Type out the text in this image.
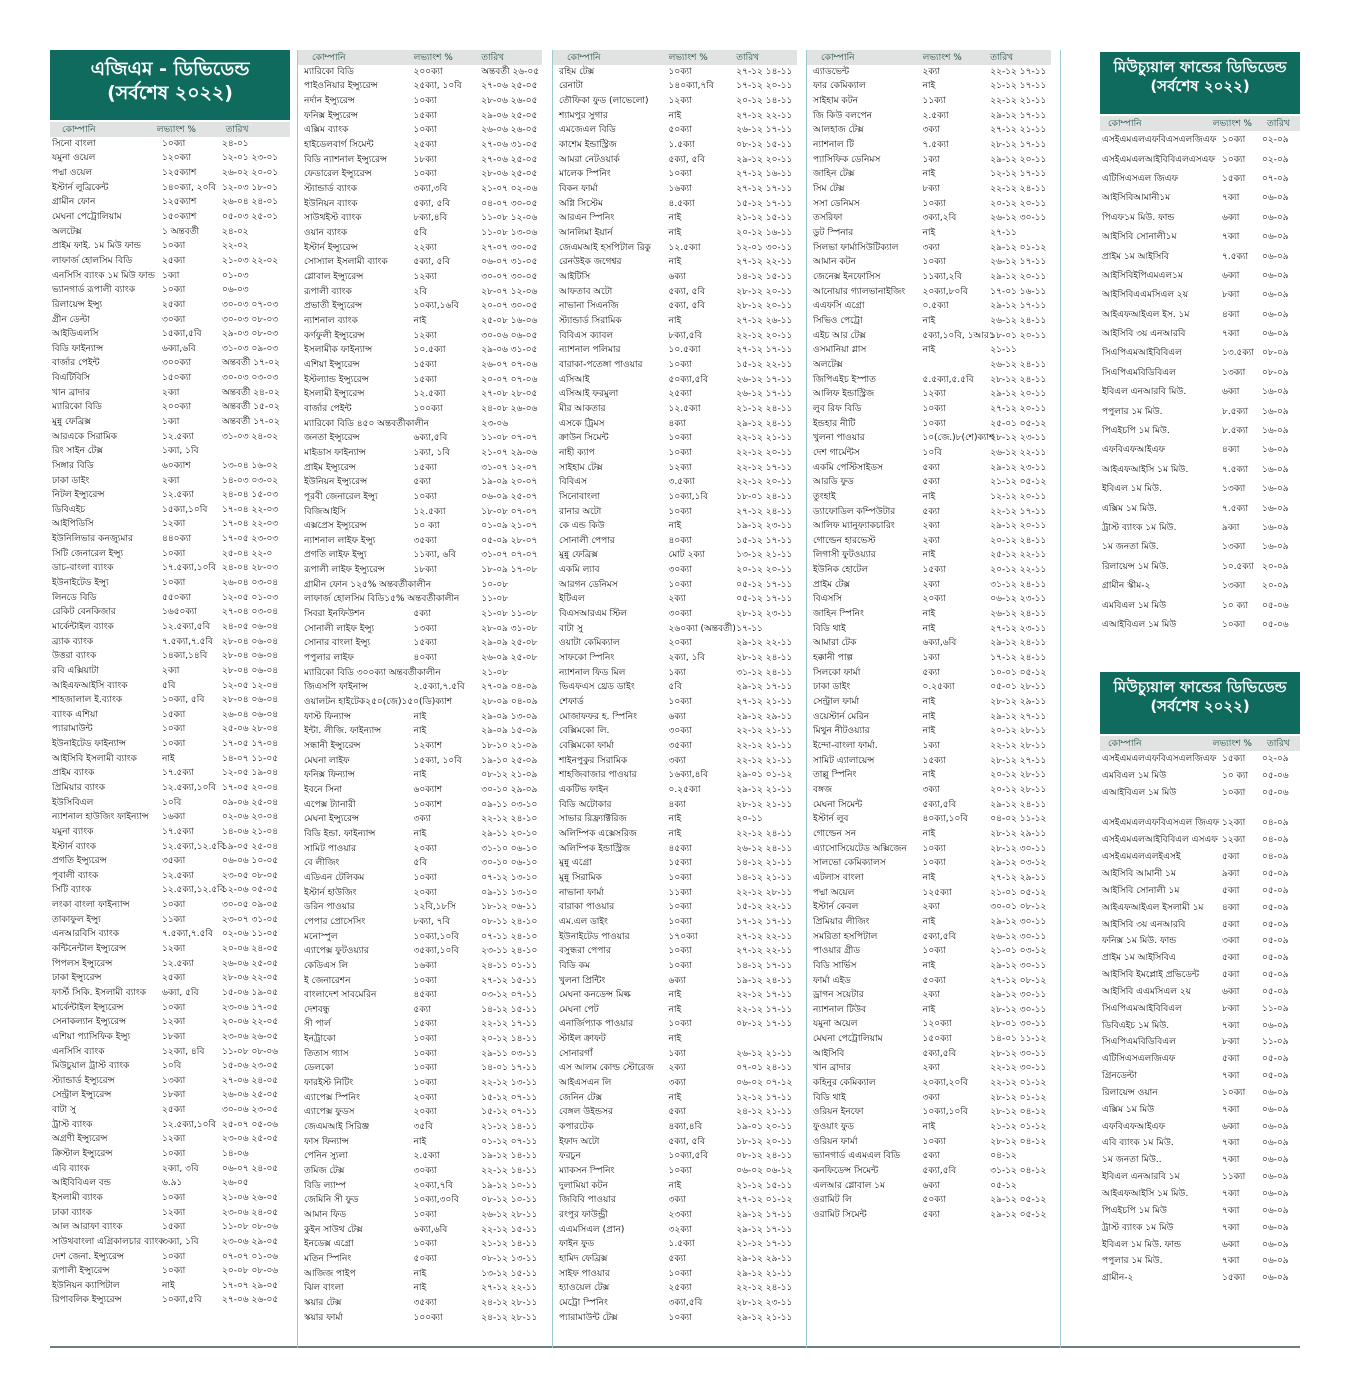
এজিএম - ডিভিডেন্ড
(সর্বশেষ ২০২২)
কোম্পানি	লভ্যাংশ %	তারিখ
সিনো বাংলা	১০ক্যা	২৪-০১
যমুনা ওয়েল	১২০ক্যা	১২-০১ ২৩-০১
পদ্মা ওয়েল	১২৫ক্যাশ	২৬-০২ ২০-০১
ইস্টার্ন লুব্রিকেন্ট	১৪০ক্যা, ২০বি ১২-০৩ ১৮-০১
গ্রামীন ফোন	১২৫ক্যাশ	২৬-০৪ ২৪-০১
মেঘনা পেট্রোলিয়াম	১৫০ক্যাশ	০৫-০৩ ২৫-০১
অলটেক্স	১ অন্তবর্তী	২৪-০২
প্রাইম ফাই. ১ম মিউ ফান্ড	১০ক্যা	২২-০২
লাফার্জ হোলসিম বিডি	২৫ক্যা	২১-০৩ ২২-০২
এনসিসি ব্যাংক ১ম মিউ ফান্ড ১ক্যা	০১-০৩
ভ্যানগার্ড রূপালী ব্যাংক	১০ক্যা	০৬-০৩
রিলায়েন্স ইন্স্যু	২৫ক্যা	৩০-০৩ ০৭-০৩
গ্রীন ডেল্টা	৩০ক্যা	৩০-০৩ ০৮-০৩
আইডিএলসি	১৫ক্যা,৫বি	২৯-০৩ ০৮-০৩
বিডি ফাইন্যান্স	৬ক্যা,৬বি	৩১-০৩ ০৯-০৩
বার্জার পেইন্ট	৩০০ক্যা	অন্তবর্তী ১৭-০২
বিএটিবিসি	১৫০ক্যা	৩০-০৩ ০৩-০৩
খান ব্রাদার	২ক্যা	অন্তবর্তী ২৪-০২
ম্যারিকো বিডি	২০০ক্যা	অন্তবর্তী ১৫-০২
মুন্নু ফেব্রিক্স	১ক্যা	অন্তবর্তী ১৭-০২
আরএকে সিরামিক	১২.৫ক্যা	৩১-০৩ ২৪-০২
রিং সাইন টেক্স	১ক্যা, ১বি
সিঙ্গার বিডি	৬০ক্যাশ	১৩-০৪ ১৬-০২
ঢাকা ডাইং	২ক্যা	১৪-০৩ ০৩-০২
নিটল ইন্স্যুরেন্স	১২.৫ক্যা	২৪-০৪ ১৫-০৩
ডিবিএইচ	১৫ক্যা,১০বি	১৭-০৪ ২২-০৩
আইপিডিসি	১২ক্যা	১৭-০৪ ২২-০৩
ইউনিলিভার কনজ্যুমার	৪৪০ক্যা	১৭-০৫ ২৩-০৩
সিটি জেনারেল ইন্স্যু	১০ক্যা	২৫-০৪ ২২-০
ডাচ-বাংলা ব্যাংক	১৭.৫ক্যা,১০বি ২৪-০৪ ২৮-০৩
ইউনাইটেড ইন্স্যু	১০ক্যা	২৬-০৪ ০৩-০৪
লিনডে বিডি	৫৫০ক্যা	১২-০৫ ০১-০৩
রেকিট বেনকিজার	১৬৫০ক্যা	২৭-০৪ ০৩-০৪
মার্কেন্টাইল ব্যাংক	১২.৫ক্যা,৫বি	২৪-০৫ ০৬-০৪
ব্র্যাক ব্যাংক	৭.৫ক্যা,৭.৫বি ২৮-০৪ ০৬-০৪
উত্তরা ব্যাংক	১৪ক্যা,১৪বি	২৮-০৪ ০৬-০৪
রবি এক্সিয়াটা	২ক্যা	২৮-০৪ ০৬-০৪
আইএফআইসি ব্যাংক	৫বি	১২-০৫ ১২-০৪
শাহজালাল ই.ব্যাংক	১০ক্যা, ৫বি	২৮-০৪ ০৬-০৪
ব্যাংক এশিয়া	১৫ক্যা	২৬-০৪ ০৬-০৪
প্যারামাউন্ট	১০ক্যা	২৫-০৬ ২৮-০৪
ইউনাইটেড ফাইন্যান্স	১০ক্যা	১৭-০৫ ১৭-০৪
আইসিবি ইসলামী ব্যাংক	নাই	১৪-০৭ ১১-০৫
প্রাইম ব্যাংক	১৭.৫ক্যা	১২-০৫ ১৯-০৪
প্রিমিয়ার ব্যাংক	১২.৫ক্যা,১০বি ১৭-০৫ ২০-০৪
ইউসিবিএল	১০বি	০৯-০৬ ২৫-০৪
ন্যাশনাল হাউজিং ফাইন্যান্স	১৬ক্যা	০২-০৬ ২০-০৪
যমুনা ব্যাংক	১৭.৫ক্যা	১৪-০৬ ২১-০৪
ইস্টার্ন ব্যাংক	১২.৫ক্যা,১২.৫বি
১৯-০৫ ২৫-০৪
প্রগতি ইন্স্যুরেন্স	৩৫ক্যা	০৬-০৬ ১০-০৫
পূবালী ব্যাংক	১২.৫ক্যা	২৩-০৫ ০৮-০৫
সিটি ব্যাংক	১২.৫ক্যা,১২.৫বি
১২-০৬ ০৫-০৫
লংকা বাংলা ফাইন্যান্স	১০ক্যা	৩০-০৫ ০৯-০৫
তাকাফুল ইন্স্যু	১১ক্যা	২৩-০৭ ৩১-০৫
এনআরবিসি ব্যাংক	৭.৫ক্যা,৭.৫বি ০২-০৬ ১১-০৫
কন্টিনেন্টাল ইন্স্যুরেন্স	১২ক্যা	২০-০৬ ২৪-০৫
পিপলস ইন্স্যুরেন্স	১২.৫ক্যা	২৬-০৬ ২৫-০৫
ঢাকা ইন্স্যুরেন্স	২৫ক্যা	২৮-০৬ ২২-০৫
ফার্স্ট সিকি. ইসলামী ব্যাংক	৬ক্যা, ৫বি	১৫-০৬ ১৯-০৫
মার্কেন্টাইল ইন্স্যুরেন্স	১০ক্যা	২৩-০৬ ১৭-০৫
সেনাকল্যান ইন্স্যুরেন্স	১২ক্যা	২০-০৬ ২২-০৫
এশিয়া প্যাসিফিক ইন্স্যু	১৮ক্যা	২৩-০৬ ২৬-০৫
এনসিসি ব্যাংক	১২ক্যা, ৪বি	১১-০৮ ০৮-০৬
মিউচুয়াল ট্রাস্ট ব্যাংক	১০বি	১৫-০৬ ২৩-০৫
স্ট্যান্ডার্ড ইন্স্যুরেন্স	১৩ক্যা	২৭-০৬ ২৪-০৫
সেন্ট্রাল ইন্স্যুরেন্স	১৮ক্যা	২৬-০৬ ২৫-০৫
বাটা সু	২৫ক্যা	৩০-০৬ ২৩-০৫
ট্রাস্ট ব্যাংক	১২.৫ক্যা,১০বি ২৫-০৭ ০৫-০৬
অগ্রণী ইন্স্যুরেন্স	১২ক্যা	২৩-০৬ ২৫-০৫
ক্রিস্টাল ইন্স্যুরেন্স	১০ক্যা	১৪-০৬
এবি ব্যাংক	২ক্যা, ৩বি	০৬-০৭ ২৪-০৫
আইবিবিএল বন্ড	৬.৯১	২৬-০৫
ইসলামী ব্যাংক	১০ক্যা	২১-০৬ ২৬-০৫
ঢাকা ব্যাংক	১২ক্যা	২৩-০৬ ২৪-০৫
আল আরাফা ব্যাংক	১৫ক্যা	১১-০৮ ০৮-০৬
সাউথবাংলা এগ্রিকালচার ব্যাংক
৩ক্যা, ১বি	২৩-০৬ ২৯-০৫
দেশ জেনা. ইন্স্যুরেন্স	১০ক্যা	০৭-০৭ ০১-০৬
রূপালী ইন্স্যুরেন্স	১০ক্যা	২০-০৮ ০৮-০৬
ইউনিয়ন ক্যাপিটাল	নাই	১৭-০৭ ২৯-০৫
রিপাবলিক ইন্স্যুরেন্স	১০ক্যা,৫বি	২৭-০৬ ২৬-০৫
কোম্পানি	লভ্যাংশ %	তারিখ
ম্যারিকো বিডি	২০০ক্যা	অন্তবর্তী ২৬-০৫
পাইওনিয়ার ইন্স্যুরেন্স	২৫ক্যা, ১০বি	২৭-০৬ ২৫-০৫
নর্দান ইন্স্যুরেন্স	১০ক্যা	২৮-০৬ ২৬-০৫
ফনিক্স ইন্স্যুরেন্স	১৫ক্যা	২৯-০৬ ২৫-০৫
এক্সিম ব্যাংক	১০ক্যা	২৬-০৬ ২৬-০৫
হাইডেলবার্গ সিমেন্ট	২৫ক্যা	২৭-০৬ ৩১-০৫
বিডি ন্যাশনাল ইন্স্যুরেন্স	১৮ক্যা	২৭-০৬ ২৫-০৫
ফেডারেল ইন্স্যুরেন্স	১০ক্যা	২৮-০৬ ২৫-০৫
স্ট্যান্ডার্ড ব্যাংক	৩ক্যা,৩বি	২১-০৭ ০২-০৬
ইউনিয়ন ব্যাংক	৫ক্যা, ৫বি	০৪-০৭ ৩০-০৫
সাউথইস্ট ব্যাংক	৮ক্যা,৪বি	১১-০৮ ১২-০৬
ওয়ান ব্যাংক	৫বি	১১-০৮ ১৩-০৬
ইস্টার্ন ইন্স্যুরেন্স	২২ক্যা	২৭-০৭ ৩০-০৫
সোস্যাল ইসলামী ব্যাংক	৫ক্যা, ৫বি	০৬-০৭ ৩১-০৫
গ্লোবাল ইন্স্যুরেন্স	১২ক্যা	৩০-০৭ ৩০-০৫
রূপালী ব্যাংক	২বি	২৮-০৭ ১২-০৬
প্রভাতী ইন্স্যুরেন্স	১০ক্যা,১৬বি	২০-০৭ ৩০-০৫
ন্যাশনাল ব্যাংক	নাই	২৫-০৮ ১৬-০৬
কর্ণফুলী ইন্স্যুরেন্স	১২ক্যা	৩০-০৬ ০৬-০৫
ইসলামীক ফাইন্যান্স	১০.৫ক্যা	২৯-০৬ ৩১-০৫
এশিয়া ইন্স্যুরেন্স	১৫ক্যা	২৬-০৭ ০৭-০৬
ইস্টল্যান্ড ইন্স্যুরেন্স	১৫ক্যা	২০-০৭ ০৭-০৬
ইসলামী ইন্স্যুরেন্স	১২.৫ক্যা	২৭-০৮ ২৮-০৫
বার্জার পেইন্ট	১০০ক্যা	২৪-০৮ ২৬-০৬
ম্যারিকো বিডি ৪৫০ অন্তবর্তীকালীন	২৩-০৬
জনতা ইন্স্যুরেন্স	৬ক্যা,৫বি	১১-০৮ ০৭-০৭
মাইডাস ফাইন্যান্স	১ক্যা, ১বি	২১-০৭ ২৯-০৬
প্রাইম ইন্স্যুরেন্স	১৫ক্যা	৩১-০৭ ১২-০৭
ইউনিয়ন ইন্স্যুরেন্স	৫ক্যা	১৯-০৯ ২০-০৭
পূরবী জেনারেল ইন্স্যু	১০ক্যা	০৬-০৯ ২৫-০৭
বিজিআইসি	১২.৫ক্যা	১৮-০৮ ০৭-০৭
এক্সপ্রেস ইন্স্যুরেন্স	১০ ক্যা	০১-০৯ ২১-০৭
ন্যাশনাল লাইফ ইন্স্যু	৩৫ক্যা	০৫-০৯ ২৮-০৭
প্রগতি লাইফ ইন্স্যু	১১ক্যা, ৬বি	৩১-০৭ ০৭-০৭
রূপালী লাইফ ইন্স্যুরেন্স	১৮ক্যা	১৮-০৯ ১৭-০৮
গ্রামীন ফোন ১২৫% অন্তবর্তীকালীন	১০-০৮
লাফার্জ হোলসিম বিডি১৫% অন্তবর্তীকালীন ১১-০৮
সিবরা ইনফিউশন	৫ক্যা	২১-০৮ ১১-০৮
সোনালী লাইফ ইন্স্যু	১৩ক্যা	২৮-০৯ ৩১-০৮
সোনার বাংলা ইন্স্যু	১৫ক্যা	২৯-০৯ ২৫-০৮
পপুলার লাইফ	৪০ক্যা	২৬-০৯ ২৫-০৮
ম্যারিকো বিডি ৩০০ক্যা অন্তবর্তীকালীন	২১-০৮
জিএসপি ফাইনান্স	২.৫ক্যা,৭.৫বি	২৭-০৯ ০৪-০৯
ওয়ালটন হাইটেক২৫০(জে)১৫০(ডি)ক্যাশ	২৮-০৯ ০৪-০৯
ফাস্ট ফিন্যান্স	নাই	২৯-০৯ ১৩-০৯
ইন্টা. লীজি. ফাইন্যান্স	নাই	২৯-০৯ ১৫-০৯
সন্ধানী ইন্স্যুরেন্স	১২ক্যাশ	১৮-১০ ২১-০৯
মেঘনা লাইফ	১৫ক্যা, ১০বি	১৯-১০ ২৫-০৯
ফনিক্স ফিন্যান্স	নাই	০৮-১২ ২১-০৯
ইবনে সিনা	৬০ক্যাশ	৩০-১০ ২৯-০৯
এপেক্স ট্যানারী	১০ক্যাশ	০৯-১১ ০৩-১০
মেঘনা ইন্স্যুরেন্স	৩ক্যা	২২-১২ ২৪-১০
বিডি ইন্ডা. ফাইন্যান্স	নাই	২৯-১১ ২০-১০
সামিট পাওয়ার	২০ক্যা	৩১-১০ ০৬-১০
বে লীজিং	৫বি	৩০-১০ ০৬-১০
এডিএন টেলিকম	১০ক্যা	০৭-১২ ১৩-১০
ইস্টার্ন হাউজিং	২০ক্যা	০৯-১১ ১৩-১০
ডরিন পাওয়ার	১২বি,১৮সি	১৮-১২ ০৬-১১
পেপার প্রোসেসিং	৮ক্যা, ৭বি	০৮-১১ ২৪-১০
মনোস্পুল	১০ক্যা,১০বি	০৭-১১ ২৪-১০
এ্যাপেক্স ফুটওয়্যার	৩৫ক্যা,১০বি	২৩-১১ ২৪-১০
কেডিএস লি	১৬ক্যা	২৪-১১ ০১-১১
ই জেনারেশন	১০ক্যা	২৭-১২ ১৫-১১
বাংলাদেশ সাবমেরিন	৪৫ক্যা	০৩-১২ ০৭-১১
দেশবন্ধু	৫ক্যা	১৪-১২ ১৫-১১
সী পার্ল	১৫ক্যা	২২-১২ ১৭-১১
ইনট্রাকো	১০ক্যা	২০-১২ ১৪-১১
তিতাস গ্যাস	১০ক্যা	২৯-১১ ০৩-১১
ডেলকো	১০ক্যা	১৪-০১ ১৭-১১
ফারইস্ট নিটিং	১০ক্যা	২২-১২ ১৩-১১
এ্যাপেক্স স্পিনিং	২০ক্যা	১৫-১২ ০৭-১১
এ্যাপেক্স ফুডস	২০ক্যা	১৫-১২ ০৭-১১
জেএমআই সিরিঞ্জ	৩৫বি	২১-১২ ১৪-১১
ফাস ফিন্যান্স	নাই	০১-১২ ০৭-১১
পেনিন স্যুলা	২.৫ক্যা	১৯-১২ ১৪-১১
তমিজ টেক্স	৩০ক্যা	২২-১২ ১৪-১১
বিডি ল্যাম্প	২০ক্যা,৭বি	১৯-১২ ১০-১১
জেমিনি সী ফুড	১০ক্যা,৩০বি	০৮-১২ ১০-১১
আমান ফিড	১০ক্যা	২৬-১২ ২৮-১১
কুইন সাউথ টেক্স	৬ক্যা,৬বি	২২-১২ ১৫-১১
ইনডেক্স এগ্রো	১০ক্যা	২১-১২ ১৪-১১
মতিন স্পিনিং	৫০ক্যা	০৮-১২ ১৩-১১
আজিজ পাইপ	নাই	১৩-১২ ১৫-১১
ঝিল বাংলা	নাই	২৭-১২ ২২-১১
স্কয়ার টেক্স	৩৫ক্যা	২৪-১২ ২৮-১১
স্কয়ার ফার্মা	১০০ক্যা	২৪-১২ ২৮-১১
কোম্পানি	লভ্যাংশ %	তারিখ
রহিম টেক্স	১০ক্যা	২৭-১২ ১৪-১১
রেনাটা	১৪০ক্যা,৭বি	১৭-১২ ২০-১১
তৌফিকা ফুড (লাভেলো)	১২ক্যা	২০-১২ ১৪-১১
শ্যামপুর সুগার	নাই	২৭-১২ ২২-১১
এমজেএল বিডি	৫০ক্যা	২৬-১২ ১৭-১১
কাশেম ইন্ডাস্ট্রিজ	১.৫ক্যা	০৮-১২ ১৫-১১
আমরা নেটওয়ার্ক	৫ক্যা, ৫বি	২৯-১২ ২০-১১
মালেক স্পিনিং	১০ক্যা	২৭-১২ ১৬-১১
বিকন ফার্মা	১৬ক্যা	২৭-১২ ১৭-১১
অগ্নি সিস্টেম	৪.৫ক্যা	১৫-১২ ১৭-১১
আরএন স্পিনিং	নাই	২১-১২ ১৫-১১
আনলিমা ইয়ার্ন	নাই	২০-১২ ১৬-১১
জেএমআই হসপিটাল রিকু	১২.৫ক্যা	১২-০১ ৩০-১১
রেনউইক জগেশ্বর	নাই	২৭-১২ ২২-১১
আইটিসি	৬ক্যা	১৪-১২ ১৫-১১
আফতাব অটো	৫ক্যা, ৫বি	২৮-১২ ২০-১১
নাভানা সিএনজি	৫ক্যা, ৫বি	২৮-১২ ২০-১১
স্ট্যান্ডার্ড সিরামিক	নাই	২৭-১২ ২৬-১১
বিবিএস ক্যাবল	৮ক্যা,৫বি	২২-১২ ২০-১১
ন্যাশনাল পলিমার	১০.৫ক্যা	২৭-১২ ১৭-১১
বারাকা-পতেঙ্গা পাওয়ার	১০ক্যা	১৫-১২ ২২-১১
এসিআই	৫০ক্যা,৫বি	২৬-১২ ১৭-১১
এসিআই ফরমুলা	২৫ক্যা	২৬-১২ ১৭-১১
মীর আকতার	১২.৫ক্যা	২১-১২ ২৪-১১
এসকে ট্রিমস	৪ক্যা	২৯-১২ ২৪-১১
ক্রাউন সিমেন্ট	১০ক্যা	২২-১২ ২১-১১
নাহী ক্যাপ	১০ক্যা	২২-১২ ২০-১১
সাইহাম টেক্স	১২ক্যা	২২-১২ ১৭-১১
বিবিএস	৩.৫ক্যা	২২-১২ ২০-১১
সিনোবাংলা	১০ক্যা,১বি	১৮-০১ ২৪-১১
রানার অটো	১০ক্যা	২৭-১২ ২৪-১১
কে এন্ড কিউ	নাই	১৯-১২ ২৩-১১
সোনালী পেপার	৪০ক্যা	১৫-১২ ১৭-১১
মুন্নু ফেব্রিক্স	মোট ২ক্যা	১৩-১২ ২১-১১
একমি ল্যাব	৩০ক্যা	২০-১২ ২০-১১
আরগন ডেনিমস	১০ক্যা	০৫-১২ ১৭-১১
ইটিএল	২ক্যা	০৫-১২ ১৭-১১
বিএসআরএম স্টিল	৩০ক্যা	২৮-১২ ২৩-১১
বাটা সু	২৬০ক্যা (অন্তবর্তী) ১৭-১১
ওয়াটা কেমিক্যাল	২০ক্যা	২৯-১২ ২২-১১
সাফকো স্পিনিং	২ক্যা, ১বি	২৮-১২ ২৪-১১
ন্যাশনাল ফিড মিল	১ক্যা	৩১-১২ ২৪-১১
ভিএফএস থ্রেড ডাইং	৫বি	২৯-১২ ১৭-১১
শেফার্ড	১০ক্যা	২৭-১২ ২১-১১
মোজাফফর হ. স্পিনিং	৬ক্যা	২৯-১২ ২৯-১১
বেক্সিমকো লি.	৩০ক্যা	২২-১২ ২১-১১
বেক্সিমকো ফার্মা	৩৫ক্যা	২২-১২ ২১-১১
শাইনপুকুর সিরামিক	৩ক্যা	২২-১২ ২১-১১
শাহজিবাজার পাওয়ার	১৬ক্যা,৪বি	২৯-০১ ০১-১২
একটিভ ফাইন	০.২৫ক্যা	২৯-১২ ২১-১১
বিডি অটোকার	৪ক্যা	২৮-১২ ২১-১১
সাভার রিফ্র্যাক্টরিজ	নাই	২০-১১
অলিম্পিক এক্সেসরিজ	নাই	২২-১২ ২৪-১১
অলিম্পিক ইন্ডাস্ট্রিজ	৪৫ক্যা	২৬-১২ ২৪-১১
মুন্নু এগ্রো	১৫ক্যা	১৪-১২ ২১-১১
মুন্নু সিরামিক	১০ক্যা	১৪-১২ ২১-১১
নাভানা ফার্মা	১১ক্যা	২২-১২ ২৮-১১
বারাকা পাওয়ার	১০ক্যা	১৫-১২ ২২-১১
এম.এল ডাইং	১০ক্যা	১৭-১২ ১৭-১১
ইউনাইটেড পাওয়ার	১৭০ক্যা	২৭-১২ ২২-১১
বসুন্ধরা পেপার	১০ক্যা	২৭-১২ ২২-১১
বিডি কম	১০ক্যা	১৪-১২ ১৭-১১
খুলনা প্রিন্টিং	৬ক্যা	১৯-১২ ২৪-১১
মেঘনা কনডেন্স মিল্ক	নাই	২২-১২ ১৭-১১
মেঘনা পেট	নাই	২২-১২ ১৭-১১
এনার্জিপ্যাক পাওয়ার	১০ক্যা	০৮-১২ ১৭-১১
স্টাইল ক্রাফট	নাই
সোনারগাঁ	১ক্যা	২৬-১২ ২১-১১
এস আলম কোল্ড স্টোরেজ	২ক্যা	০৭-০১ ২৪-১১
আইএসএন লি	৩ক্যা	০৬-০২ ০৭-১২
জেনিন টেক্স	নাই	১২-১২ ১৭-১১
বেঙ্গল উইন্ডসর	৫ক্যা	২৪-১২ ২১-১১
কপারটেক	৪ক্যা,৪বি	১৯-০১ ২০-১১
ইফাদ অটো	৫ক্যা, ৫বি	১৮-১২ ২০-১১
ফরচুন	১০ক্যা,৫বি	০৮-১২ ২৪-১১
ম্যাকসন স্পিনিং	১০ক্যা	০৬-০২ ০৬-১২
দুলামিয়া কটন	নাই	২১-১২ ১৫-১১
জিবিবি পাওয়ার	৩ক্যা	২৭-১২ ০১-১২
রংপুর ফাউন্ড্রী	২৩ক্যা	২৯-১২ ১৭-১১
এএমসিএল (প্রান)	৩২ক্যা	২৯-১২ ১৭-১১
ফাইন ফুড	১.৫ক্যা	২১-১২ ১৭-১১
হামিদ ফেব্রিক্স	৫ক্যা	২৯-১২ ২৯-১১
সাইফ পাওয়ার	১০ক্যা	২৯-১২ ২১-১১
হ্যাওয়েল টেক্স	২৫ক্যা	২২-১২ ২৪-১১
মেট্রো স্পিনিং	৩ক্যা,৫বি	২৮-১২ ২৩-১১
প্যারামাউন্ট টেক্স	১০ক্যা	২৯-১২ ২১-১১
কোম্পানি	লভ্যাংশ %	তারিখ
এ্যাডভেন্ট	২ক্যা	২২-১২ ১৭-১১
ফার কেমিক্যাল	নাই	২১-১২ ১৭-১১
সাইহাম কটন	১১ক্যা	২২-১২ ২১-১১
জি কিউ বলপেন	২.৫ক্যা	২৯-১২ ১৭-১১
আলহাজ টেক্স	৩ক্যা	২৭-১২ ২১-১১
ন্যাশনাল টি	৭.৫ক্যা	২৮-১২ ১৭-১১
প্যাসিফিক ডেনিমস	১ক্যা	২৯-১২ ২০-১১
জাহিন টেক্স	নাই	১২-১২ ১৭-১১
সিম টেক্স	৮ক্যা	২২-১২ ২৪-১১
সসা ডেনিমস	১০ক্যা	২০-১২ ২০-১১
তসরিফা	৩ক্যা,২বি	২৬-১২ ৩০-১১
ডুট স্পিনার	নাই	২৭-১১
সিলভা ফার্মাসিউটিক্যাল	৩ক্যা	২৯-১২ ০১-১২
আমান কটন	১০ক্যা	২৬-১২ ১৭-১১
জেনেক্স ইনফোসিস	১১ক্যা,২বি	২৯-১২ ২০-১১
আনোয়ার গ্যালভানাইজিং	২০ক্যা,৮০বি	১৭-০১ ১৬-১১
এএফসি এগ্রো	০.৫ক্যা	২৯-১২ ১৭-১১
সিভিও পেট্রো	নাই	২৬-১২ ২৪-১১
এইচ আর টেক্স	৫ক্যা,১০বি, ১আর১
১৮-০১ ২০-১১
ওসমানিয়া গ্লাস	নাই	২১-১১
অলটেক্স	২৬-১২ ২৪-১১
জিপিএইচ ইস্পাত	৫.৫ক্যা,৫.৫বি	২৮-১২ ২৪-১১
আলিফ ইন্ডাস্ট্রিজ	১২ক্যা	২৯-১২ ২০-১১
লুব রিফ বিডি	১০ক্যা	২৭-১২ ২০-১১
ইন্ডহার নীটি	১০ক্যা	২৫-০১ ০৫-১২
খুলনা পাওয়ার	১০(জে.)৮(শে)ক্যাশ
২৮-১২ ২৩-১১
দেশ গার্মেন্টস	১০বি	২৬-১২ ২২-১১
একমি পেস্টিসাইডস	৫ক্যা	২৯-১২ ২৩-১১
আরডি ফুড	৫ক্যা	২১-১২ ০৫-১২
তুংহাই	নাই	১২-১২ ২০-১১
ড্যাফোডিল কম্পিউটার	৫ক্যা	২২-১২ ১৭-১১
আলিফ ম্যানুফ্যাকচারিং	২ক্যা	২৯-১২ ২০-১১
গোল্ডেন হারভেস্ট	২ক্যা	২০-১২ ২৪-১১
লিগাসী ফুটওয়্যার	নাই	২৫-১২ ২২-১১
ইউনিক হোটেল	১৫ক্যা	২০-১২ ২২-১১
প্রাইম টেক্স	২ক্যা	৩১-১২ ২৪-১১
বিএসসি	২০ক্যা	০৬-১২ ২৩-১১
জাহিন স্পিনিং	নাই	২৬-১২ ২৪-১১
বিডি থাই	নাই	২৭-১২ ২৩-১১
আমারা টেক	৬ক্যা,৬বি	২৯-১২ ২৪-১১
হক্কানী পাল্প	১ক্যা	১৭-১২ ২৪-১১
সিলকো ফার্মা	৫ক্যা	১০-০১ ০৫-১২
ঢাকা ডাইং	০.২৫ক্যা	০৫-০১ ২৮-১১
সেন্ট্রাল ফার্মা	নাই	২৮-১২ ২৯-১১
ওয়েস্টার্ন মেরিন	নাই	২৯-১২ ২৭-১১
মিথুন নীটওয়্যার	নাই	২০-১২ ২৮-১১
ইন্দো-বাংলা ফার্মা.	১ক্যা	২২-১২ ২৮-১১
সামিট এ্যালায়েন্স	১৫ক্যা	২৮-১২ ২৭-১১
তাল্লু স্পিনিং	নাই	২০-১২ ২৮-১১
বঙ্গজ	৩ক্যা	২০-১২ ২৮-১১
মেঘনা সিমেন্ট	৫ক্যা,৫বি	২৯-১২ ২৪-১১
ইস্টার্ন লুব	৪০ক্যা,১০বি	০৪-০২ ১১-১২
গোল্ডেন সন	নাই	২৮-১২ ২৯-১১
এ্যাসোসিয়েটেড অক্সিজেন	১০ক্যা	২৮-১২ ৩০-১১
সালভো কেমিক্যালস	১০ক্যা	২৯-১২ ০৩-১২
এটলাস বাংলা	নাই	২৭-১২ ২৯-১১
পদ্মা অয়েল	১২৫ক্যা	২১-০১ ০৫-১২
ইস্টার্ন কেবল	২ক্যা	৩০-০১ ০৮-১২
প্রিমিয়ার লীজিং	নাই	২৯-১২ ৩০-১১
সমরিতা হসপিটাল	৫ক্যা,৫বি	২৬-১২ ৩০-১১
পাওয়ার গ্রীড	১০ক্যা	২১-০১ ০৩-১২
বিডি সার্ভিস	নাই	২৯-১২ ৩০-১১
ফার্মা এইড	৫০ক্যা	২৭-১২ ০৮-১২
ড্রাগন সয়েটার	২ক্যা	২৯-১২ ৩০-১১
ন্যাশনাল টিউব	নাই	২৮-১২ ৩০-১১
যমুনা অয়েল	১২০ক্যা	২৮-০১ ৩০-১১
মেঘনা পেট্রোলিয়াম	১৫০ক্যা	১৪-০১ ১১-১২
আইসিবি	৫ক্যা,৫বি	২৮-১২ ৩০-১১
খান ব্রাদার	২ক্যা	২২-১২ ৩০-১১
কহিনুর কেমিক্যাল	২০ক্যা,২০বি	২২-১২ ০১-১২
বিডি থাই	৩ক্যা	২৮-১২ ০১-১২
ওরিয়ন ইনফো	১০ক্যা,১০বি	২৮-১২ ০৪-১২
ফুওয়াং ফুড	নাই	২১-১২ ০১-১২
ওরিয়ন ফার্মা	১০ক্যা	২৮-১২ ০৪-১২
ভ্যানগার্ড এএমএল বিডি	৫ক্যা	০৪-১২
কনফিডেন্স সিমেন্ট	৫ক্যা,৫বি	৩১-১২ ০৪-১২
এলআর গ্লোবাল ১ম	৬ক্যা	০৫-১২
ওরামিট লি	৫০ক্যা	২৯-১২ ০৫-১২
ওরামিট সিমেন্ট	৫ক্যা	২৯-১২ ০৫-১২
মিউচ্যুয়াল ফান্ডের ডিভিডেন্ড
(সর্বশেষ ২০২২)
কোম্পানি	লভ্যাংশ %	তারিখ
এসইএমএলএফবিএসএলজিএফ ১০ক্যা	০২-০৯
এসইএমএলআইবিবিএলএসএফ ১০ক্যা	০২-০৯
এটিসিএসএল জিএফ	১৫ক্যা	০৭-০৯
আইসিবিআমানী১ম	৭ক্যা	০৬-০৯
পিএফ১ম মিউ. ফান্ড	৬ক্যা	০৬-০৯
আইসিবি সোনালী১ম	৭ক্যা	০৬-০৯
প্রাইম ১ম আইসিবি	৭.৫ক্যা	০৬-০৯
আইসিবিইপিএমএল১ম	৬ক্যা	০৬-০৯
আইসিবিএএমসিএল ২য়	৮ক্যা	০৬-০৯
আইএফআইএল ইস. ১ম	৪ক্যা	০৬-০৯
আইসিবি ৩য় এনআরবি	৭ক্যা	০৬-০৯
সিএপিএমআইবিবিএল	১৩.৫ক্যা ০৮-০৯
সিএপিএমবিডিবিএল	১৩ক্যা	০৮-০৯
ইবিএল এনআরবি মিউ.	৬ক্যা	১৬-০৯
পপুলার ১ম মিউ.	৮.৫ক্যা	১৬-০৯
পিএইচপি ১ম মিউ.	৮.৫ক্যা	১৬-০৯
এফবিএফআইএফ	৪ক্যা	১৬-০৯
আইএফআইসি ১ম মিউ.	৭.৫ক্যা	১৬-০৯
ইবিএল ১ম মিউ.	১৩ক্যা	১৬-০৯
এক্সিম ১ম মিউ.	৭.৫ক্যা	১৬-০৯
ট্রাস্ট ব্যাংক ১ম মিউ.	৯ক্যা	১৬-০৯
১ম জনতা মিউ.	১৩ক্যা	১৬-০৯
রিলায়েন্স ১ম মিউ.	১০.৫ক্যা ২০-০৯
গ্রামীন স্কীম-২	১৩ক্যা	২০-০৯
এমবিএল ১ম মিউ	১০ ক্যা	০৫-০৬
এআইবিএল ১ম মিউ	১০ক্যা	০৫-০৬
মিউচ্যুয়াল ফান্ডের ডিভিডেন্ড
(সর্বশেষ ২০২২)
কোম্পানি	লভ্যাংশ %	তারিখ
এসইএমএলএফবিএসএলজিএফ ১৫ক্যা	০২-০৯
এমবিএল ১ম মিউ	১০ ক্যা	০৫-০৬
এআইবিএল ১ম মিউ	১০ক্যা	০৫-০৬
এসইএমএলএফবিএসএল জিএফ ১২ক্যা	০৪-০৯
এসইএমএলআইবিবিএল এসএফ ১২ক্যা	০৪-০৯
এসইএমএলএলইএসই	৫ক্যা	০৪-০৯
আইসিবি আমানী ১ম	৯ক্যা	০৫-০৯
আইসিবি সোনালী ১ম	৫ক্যা	০৫-০৯
আইএফআইএল ইসলামী ১ম	৪ক্যা	০৫-০৯
আইসিবি ৩য় এনআরবি	৫ক্যা	০৫-০৯
ফনিক্স ১ম মিউ. ফান্ড	৩ক্যা	০৫-০৯
প্রাইম ১ম আইসিবিএ	৫ক্যা	০৫-০৯
আইসিবি ইমপ্লোই প্রভিডেন্ট	৫ক্যা	০৫-০৯
আইসিবি এএমসিএল ২য়	৬ক্যা	০৫-০৯
সিএপিএমআইবিবিএল	৮ক্যা	১১-০৯
ডিবিএইচ ১ম মিউ.	৭ক্যা	০৬-০৯
সিএপিএমবিডিবিএল	৮ক্যা	১১-০৯
এটিসিএসএলজিএফ	৫ক্যা	০৫-০৯
গ্রিনডেল্টা	৭ক্যা	০৫-০৯
রিলায়েন্স ওয়ান	১০ক্যা	০৬-০৯
এক্সিম ১ম মিউ	৭ক্যা	০৬-০৯
এফবিএফআইএফ	৬ক্যা	০৬-০৯
এবি ব্যাংক ১ম মিউ.	৭ক্যা	০৬-০৯
১ম জনতা মিউ..	৭ক্যা	০৬-০৯
ইবিএল এনআরবি ১ম	১১ক্যা	০৬-০৯
আইএফআইসি ১ম মিউ.	৭ক্যা	০৬-০৯
পিএইচপি ১ম মিউ	৭ক্যা	০৬-০৯
ট্রাস্ট ব্যাংক ১ম মিউ	৭ক্যা	০৬-০৯
ইবিএল ১ম মিউ. ফান্ড	৬ক্যা	০৬-০৯
পপুলার ১ম মিউ.	৭ক্যা	০৬-০৯
গ্রামীন-২	১৫ক্যা	০৬-০৯
